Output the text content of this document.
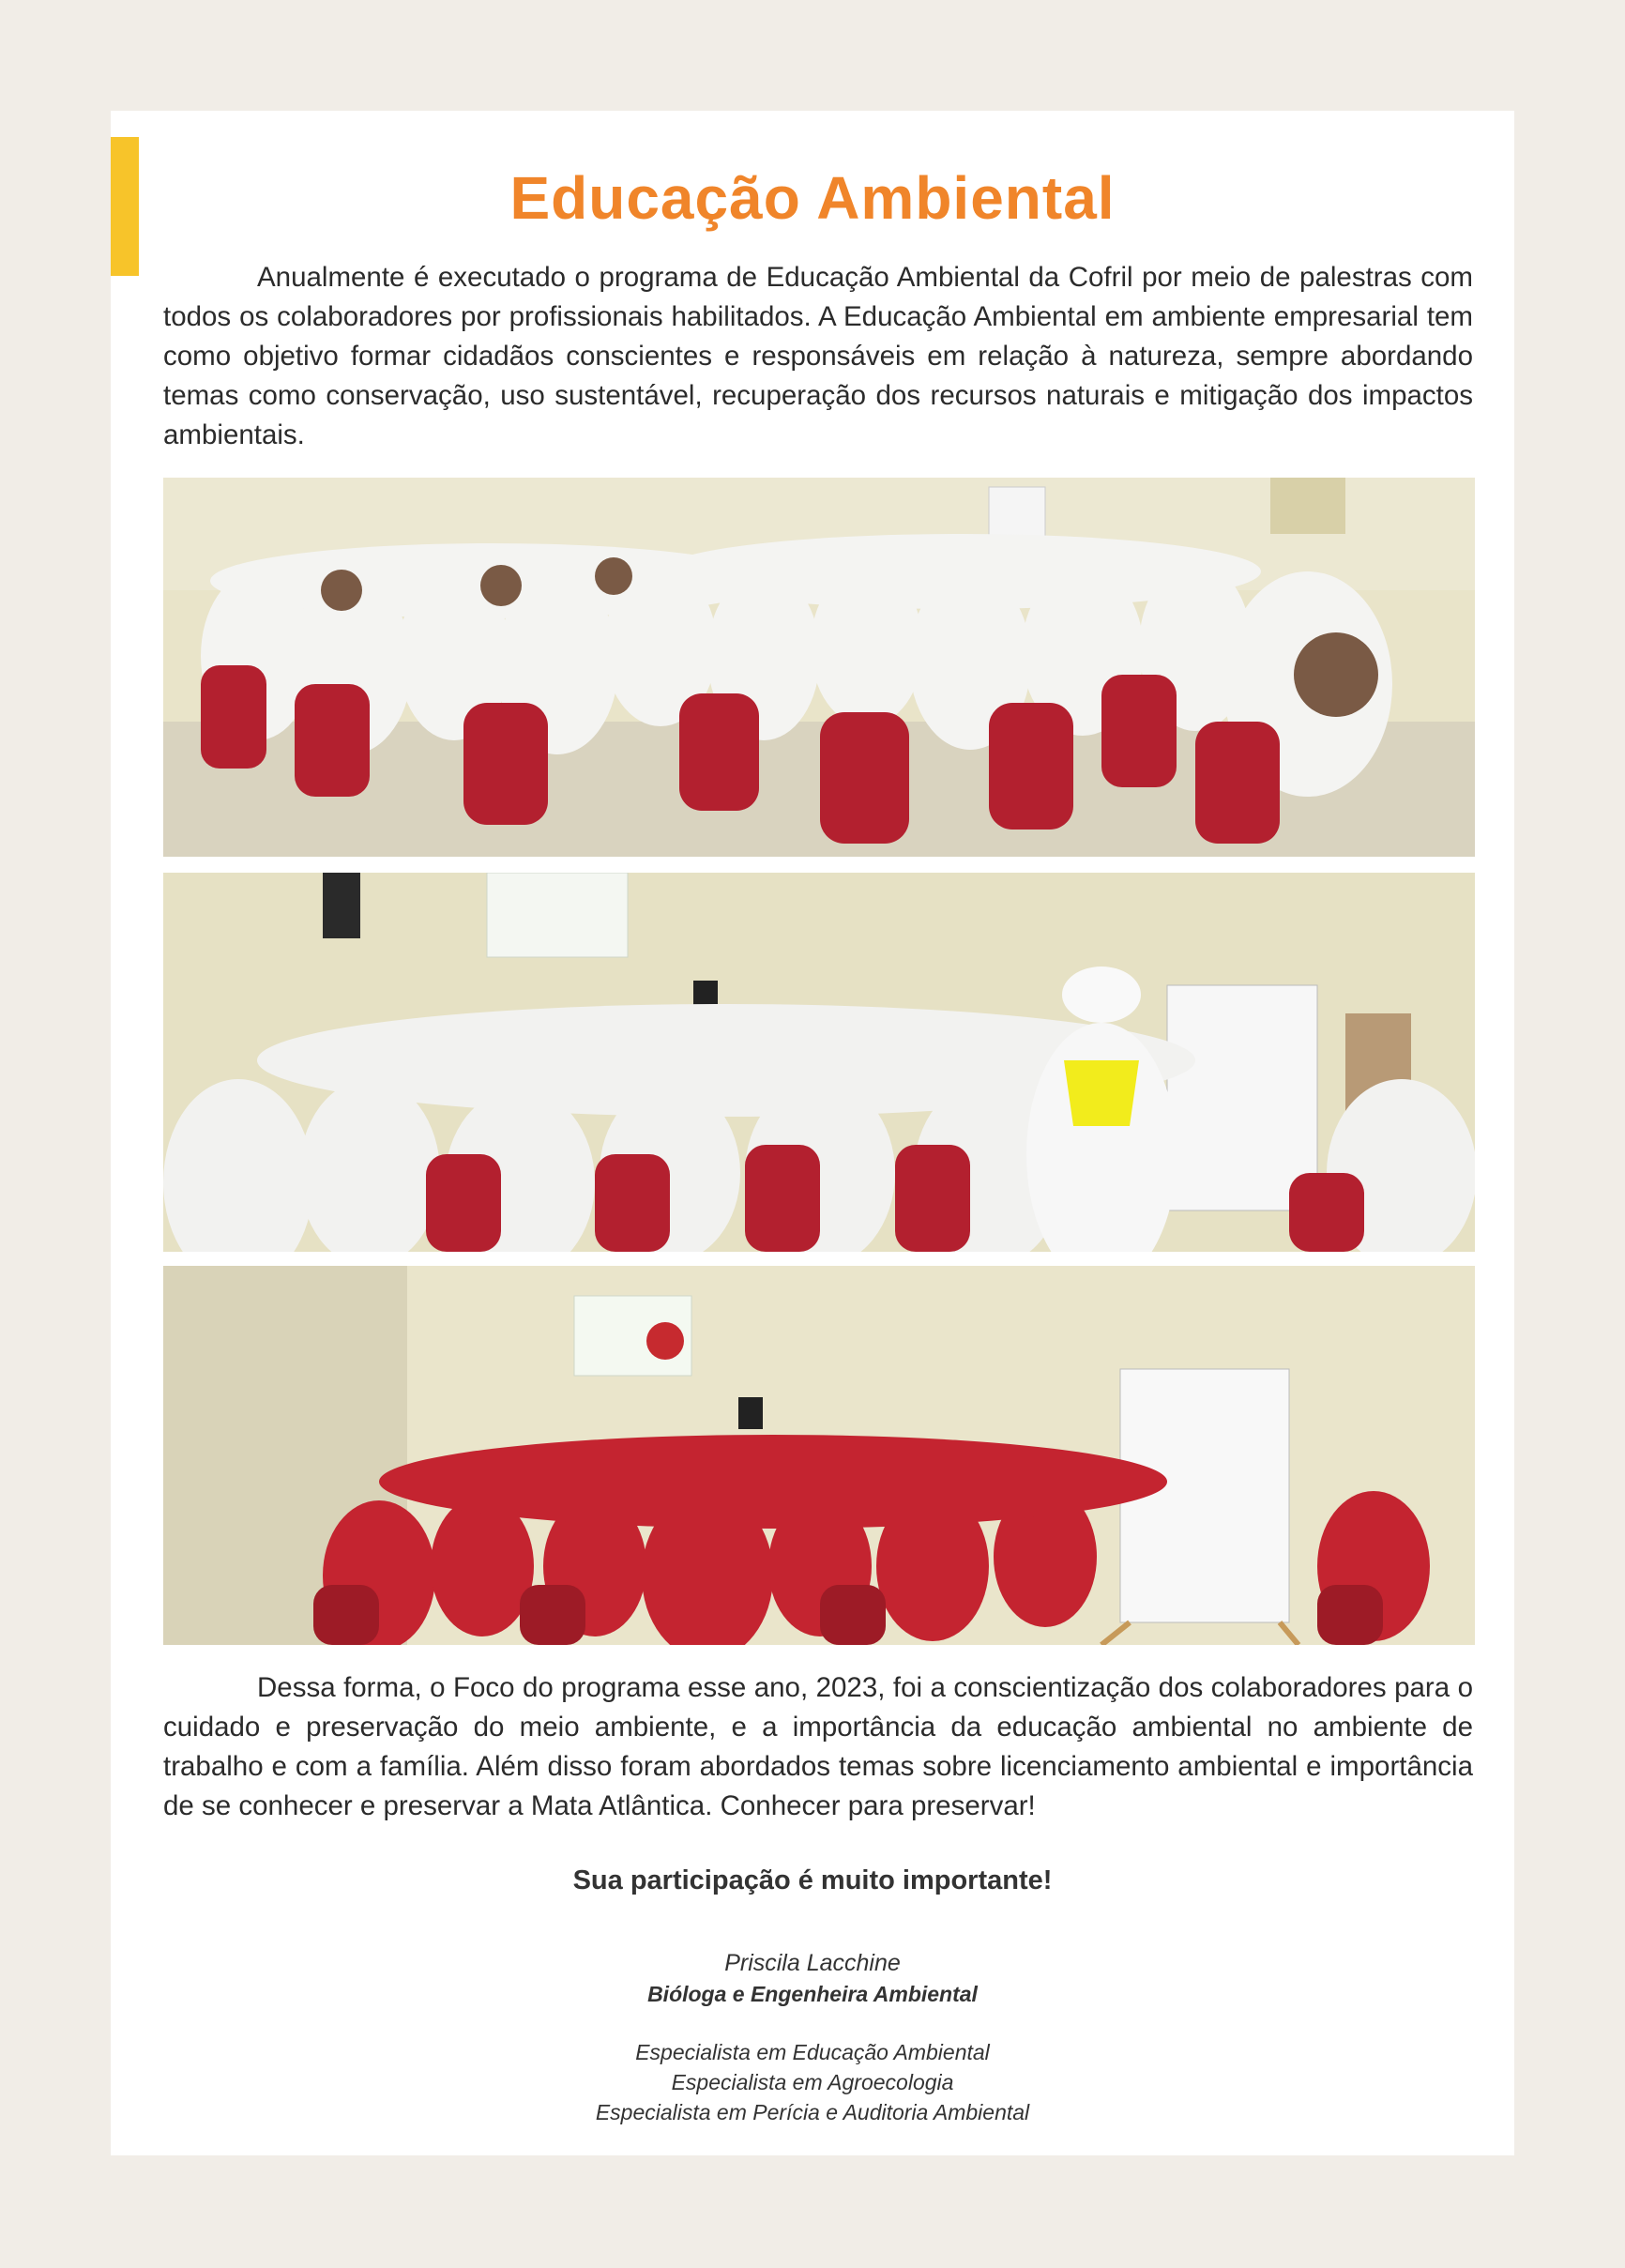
Educação Ambiental

Anualmente é executado o programa de Educação Ambiental da Cofril por meio de palestras com todos os colaboradores por profissionais habilitados. A Educação Ambiental em ambiente empresarial tem como objetivo formar cidadãos conscientes e responsáveis em relação à natureza, sempre abordando temas como conservação, uso sustentável, recuperação dos recursos naturais e mitigação dos impactos ambientais.

Dessa forma, o Foco do programa esse ano, 2023, foi a conscientização dos colaboradores para o cuidado e preservação do meio ambiente, e a importância da educação ambiental no ambiente de trabalho e com a família. Além disso foram abordados temas sobre licenciamento ambiental e importância de se conhecer e preservar a Mata Atlântica. Conhecer para preservar!

Sua participação é muito importante!
Priscila Lacchine
Bióloga e Engenheira Ambiental
Especialista em Educação Ambiental
Especialista em Agroecologia
Especialista em Perícia e Auditoria Ambiental
